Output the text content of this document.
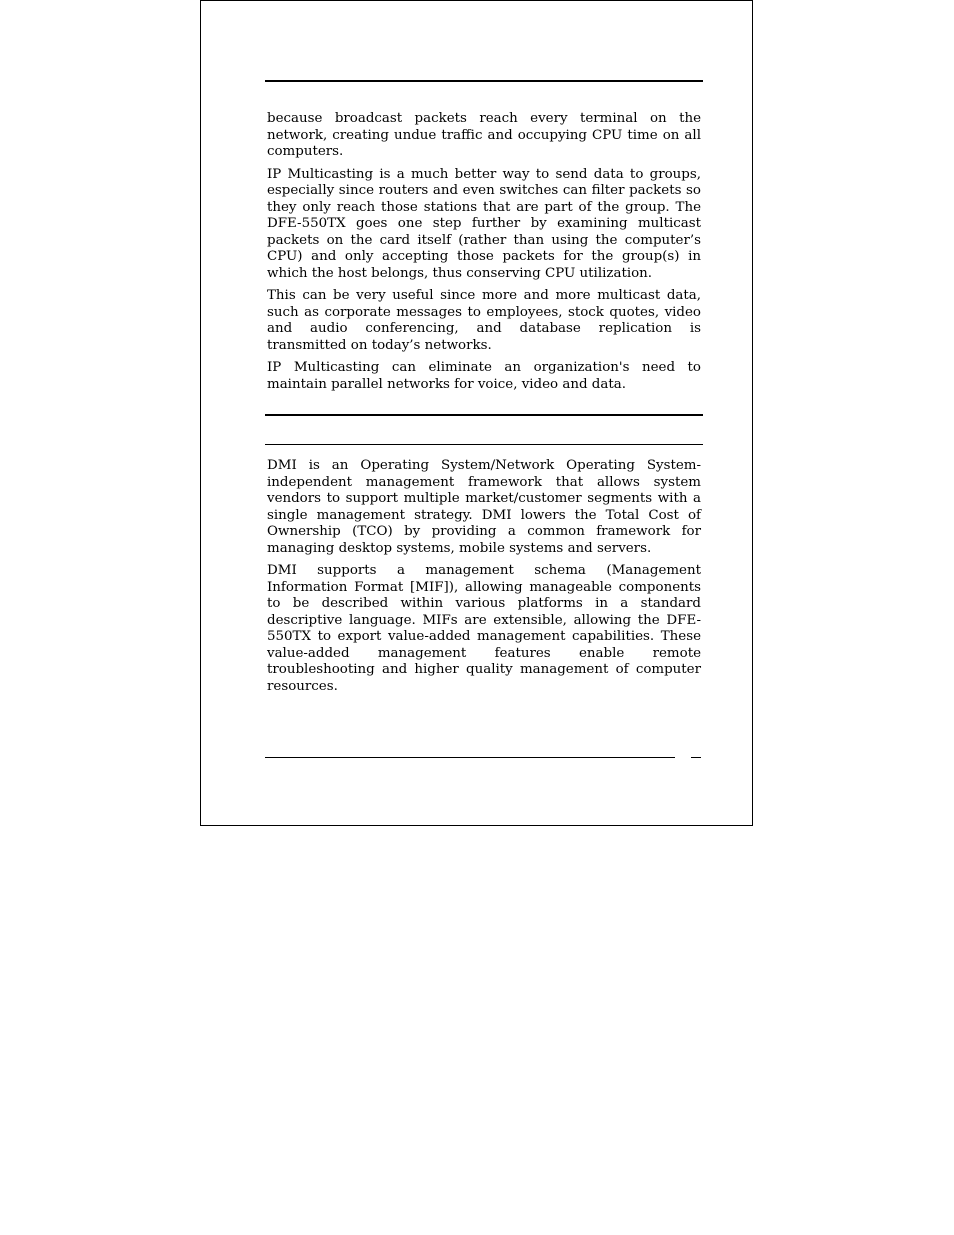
because broadcast packets reach every terminal on the network, creating undue traffic and occupying CPU time on all computers.

IP Multicasting is a much better way to send data to groups, especially since routers and even switches can filter packets so they only reach those stations that are part of the group. The DFE-550TX goes one step further by examining multicast packets on the card itself (rather than using the computer’s CPU) and only accepting those packets for the group(s) in which the host belongs, thus conserving CPU utilization.

This can be very useful since more and more multicast data, such as corporate messages to employees, stock quotes, video and audio conferencing, and database replication is transmitted on today’s networks.

IP Multicasting can eliminate an organization's need to maintain parallel networks for voice, video and data.

DMI is an Operating System/Network Operating System-independent management framework that allows system vendors to support multiple market/customer segments with a single management strategy. DMI lowers the Total Cost of Ownership (TCO) by providing a common framework for managing desktop systems, mobile systems and servers.

DMI supports a management schema (Management Information Format [MIF]), allowing manageable components to be described within various platforms in a standard descriptive language. MIFs are extensible, allowing the DFE-550TX to export value-added management capabilities. These value-added management features enable remote troubleshooting and higher quality management of computer resources.
